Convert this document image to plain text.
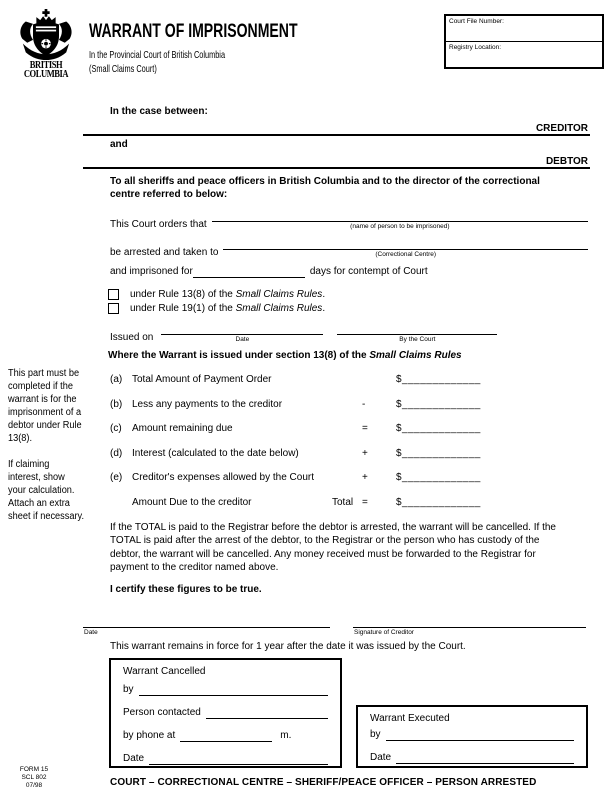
BRITISH
COLUMBIA
WARRANT OF IMPRISONMENT
In the Provincial Court of British Columbia
(Small Claims Court)
Court File Number:
Registry Location:
In the case between:
CREDITOR
and
DEBTOR
To all sheriffs and peace officers in British Columbia and to the director of the correctional
centre referred to below:
This Court orders that	(name of person to be imprisoned)
be arrested and taken to	(Correctional Centre)
and imprisoned for	days for contempt of Court
under Rule 13(8) of the Small Claims Rules.
under Rule 19(1) of the Small Claims Rules.
Issued on	Date	By the Court
Where the Warrant is issued under section 13(8) of the Small Claims Rules
This part must be
completed if the
warrant is for the
imprisonment of a
debtor under Rule
13(8).
If claiming
interest, show
your calculation.
Attach an extra
sheet if necessary.
(a) Total Amount of Payment Order	$_____________
(b) Less any payments to the creditor	-	$_____________
(c)	Amount remaining due	=	$_____________
(d) Interest (calculated to the date below)	+	$_____________
(e) Creditor's expenses allowed by the Court	+	$_____________
Amount Due to the creditor	Total =	$_____________
If the TOTAL is paid to the Registrar before the debtor is arrested, the warrant will be cancelled. If the
TOTAL is paid after the arrest of the debtor, to the Registrar or the person who has custody of the
debtor, the warrant will be cancelled. Any money received must be forwarded to the Registrar for
payment to the creditor named above.
I certify these figures to be true.
Date	Signature of Creditor
This warrant remains in force for 1 year after the date it was issued by the Court.
Warrant Cancelled
by
Person contacted
by phone at	m.
Date
Warrant Executed
by
Date
FORM 15
SCL 802
07/98	COURT – CORRECTIONAL CENTRE – SHERIFF/PEACE OFFICER – PERSON ARRESTED
